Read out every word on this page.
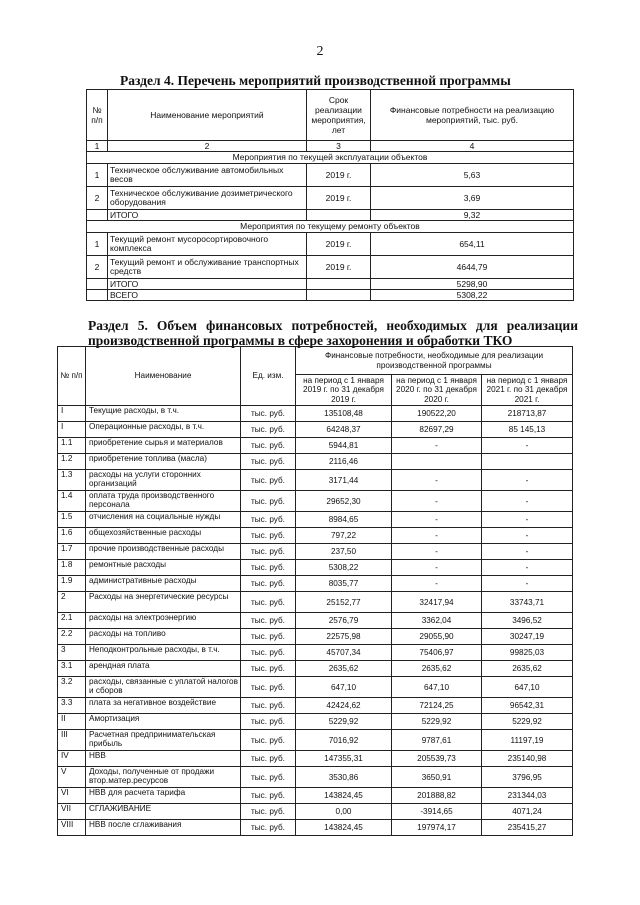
2
Раздел 4. Перечень мероприятий производственной программы
№ п/п	Наименование мероприятий	Срок реализации мероприятия, лет	Финансовые потребности на реализацию мероприятий, тыс. руб.
1	2	3	4
Мероприятия по текущей эксплуатации объектов			
1	Техническое обслуживание автомобильных весов	2019 г.	5,63
2	Техническое обслуживание дозиметрического оборудования	2019 г.	3,69
	ИТОГО		9,32
Мероприятия по текущему ремонту объектов			
1	Текущий ремонт мусоросортировочного комплекса	2019 г.	654,11
2	Текущий ремонт и обслуживание транспортных средств	2019 г.	4644,79
	ИТОГО		5298,90
	ВСЕГО		5308,22
Раздел 5. Объем финансовых потребностей, необходимых для реализации производственной программы в сфере захоронения и обработки ТКО
№ п/п	Наименование	Ед. изм.	Финансовые потребности, необходимые для реализации производственной программы		
			на период с 1 января 2019 г. по 31 декабря 2019 г.	на период с 1 января 2020 г. по 31 декабря 2020 г.	на период с 1 января 2021 г. по 31 декабря 2021 г.
I	Текущие расходы, в т.ч.	тыс. руб.	135108,48	190522,20	218713,87
I	Операционные расходы, в т.ч.	тыс. руб.	64248,37	82697,29	85 145,13
1.1	приобретение сырья и материалов	тыс. руб.	5944,81	-	-
1.2	приобретение топлива (масла)	тыс. руб.	2116,46		
1.3	расходы на услуги сторонних организаций	тыс. руб.	3171,44	-	-
1.4	оплата труда производственного персонала	тыс. руб.	29652,30	-	-
1.5	отчисления на социальные нужды	тыс. руб.	8984,65	-	-
1.6	общехозяйственные расходы	тыс. руб.	797,22	-	-
1.7	прочие производственные расходы	тыс. руб.	237,50	-	-
1.8	ремонтные расходы	тыс. руб.	5308,22	-	-
1.9	административные расходы	тыс. руб.	8035,77	-	-
2	Расходы на энергетические ресурсы	тыс. руб.	25152,77	32417,94	33743,71
2.1	расходы на электроэнергию	тыс. руб.	2576,79	3362,04	3496,52
2.2	расходы на топливо	тыс. руб.	22575,98	29055,90	30247,19
3	Неподконтрольные расходы, в т.ч.	тыс. руб.	45707,34	75406,97	99825,03
3.1	арендная плата	тыс. руб.	2635,62	2635,62	2635,62
3.2	расходы, связанные с уплатой налогов и сборов	тыс. руб.	647,10	647,10	647,10
3.3	плата за негативное воздействие	тыс. руб.	42424,62	72124,25	96542,31
II	Амортизация	тыс. руб.	5229,92	5229,92	5229,92
III	Расчетная предпринимательская прибыль	тыс. руб.	7016,92	9787,61	11197,19
IV	НВВ	тыс. руб.	147355,31	205539,73	235140,98
V	Доходы, полученные от продажи втор.матер.ресурсов	тыс. руб.	3530,86	3650,91	3796,95
VI	НВВ для расчета тарифа	тыс. руб.	143824,45	201888,82	231344,03
VII	СГЛАЖИВАНИЕ	тыс. руб.	0,00	-3914,65	4071,24
VIII	НВВ после сглаживания	тыс. руб.	143824,45	197974,17	235415,27
